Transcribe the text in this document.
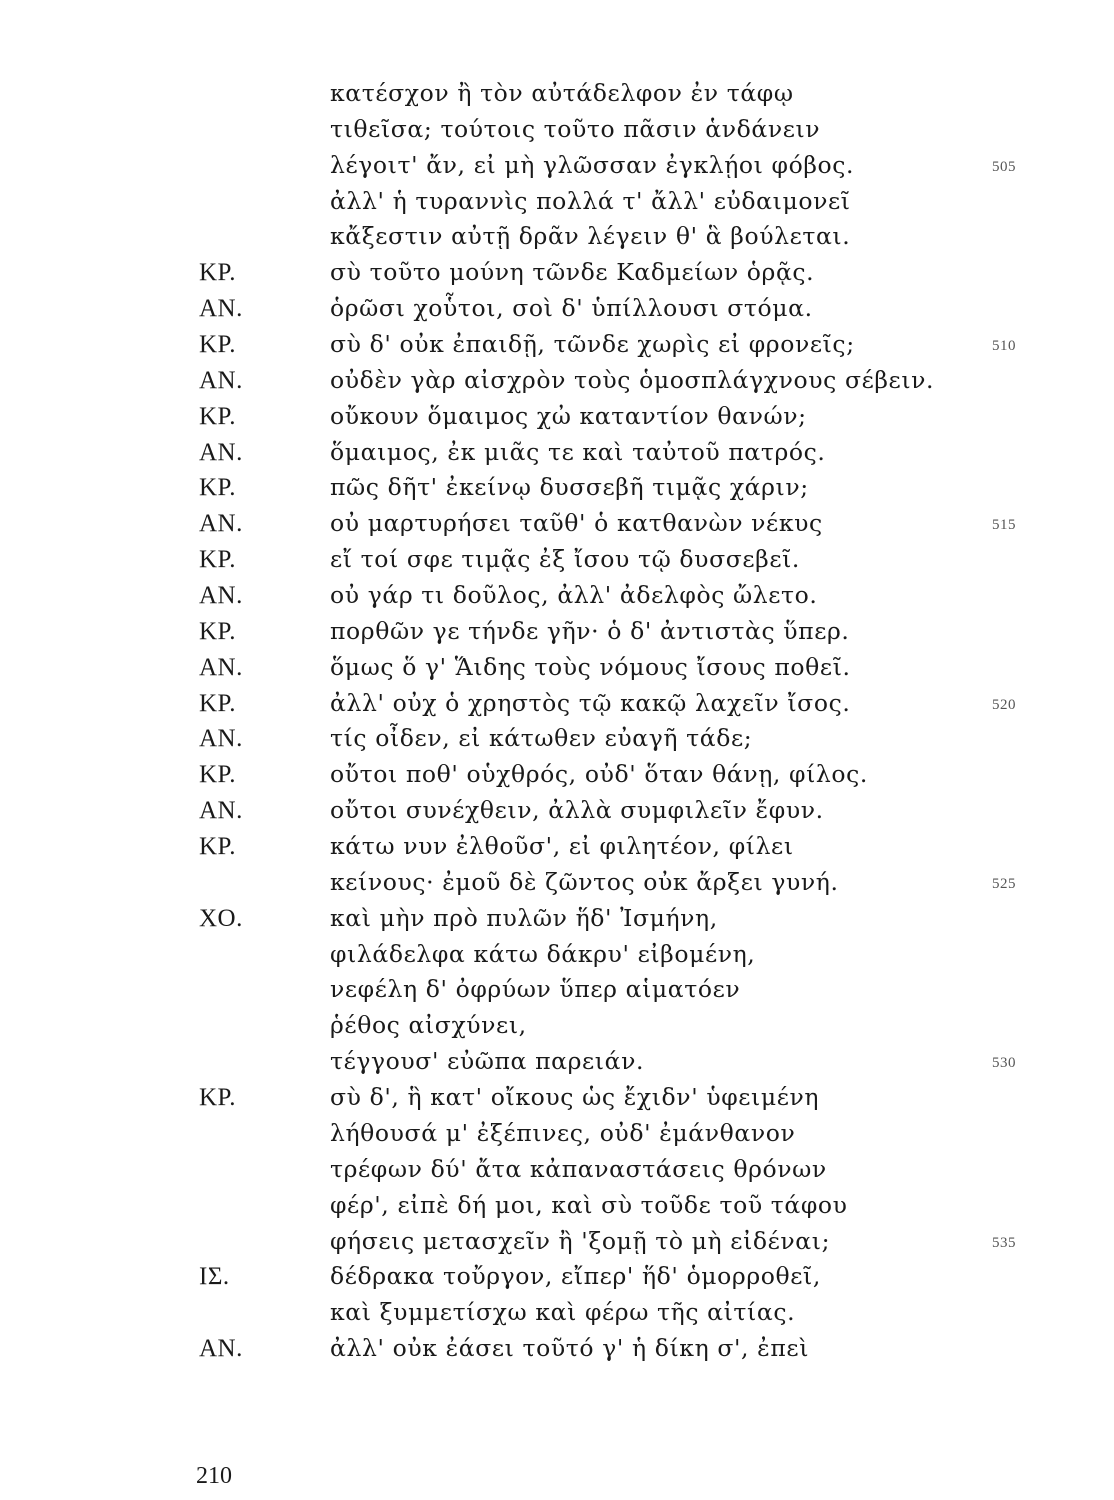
κατέσχον ἢ τὸν αὐτάδελφον ἐν τάφῳ
τιθεῖσα; τούτοις τοῦτο πᾶσιν ἁνδάνειν
λέγοιτ' ἄν, εἰ μὴ γλῶσσαν ἐγκλῄοι φόβος.	505
ἀλλ' ἡ τυραννὶς πολλά τ' ἄλλ' εὐδαιμονεῖ
κἄξεστιν αὐτῇ δρᾶν λέγειν θ' ἃ βούλεται.
ΚΡ.	σὺ τοῦτο μούνη τῶνδε Καδμείων ὁρᾷς.
ΑΝ.	ὁρῶσι χοὗτοι, σοὶ δ' ὑπίλλουσι στόμα.
ΚΡ.	σὺ δ' οὐκ ἐπαιδῇ, τῶνδε χωρὶς εἰ φρονεῖς;	510
ΑΝ.	οὐδὲν γὰρ αἰσχρὸν τοὺς ὁμοσπλάγχνους σέβειν.
ΚΡ.	οὔκουν ὅμαιμος χὠ καταντίον θανών;
ΑΝ.	ὅμαιμος, ἐκ μιᾶς τε καὶ ταὐτοῦ πατρός.
ΚΡ.	πῶς δῆτ' ἐκείνῳ δυσσεβῆ τιμᾷς χάριν;
ΑΝ.	οὐ μαρτυρήσει ταῦθ' ὁ κατθανὼν νέκυς	515
ΚΡ.	εἴ τοί σφε τιμᾷς ἐξ ἴσου τῷ δυσσεβεῖ.
ΑΝ.	οὐ γάρ τι δοῦλος, ἀλλ' ἀδελφὸς ὤλετο.
ΚΡ.	πορθῶν γε τήνδε γῆν· ὁ δ' ἀντιστὰς ὕπερ.
ΑΝ.	ὅμως ὅ γ' Ἅιδης τοὺς νόμους ἴσους ποθεῖ.
ΚΡ.	ἀλλ' οὐχ ὁ χρηστὸς τῷ κακῷ λαχεῖν ἴσος.	520
ΑΝ.	τίς οἶδεν, εἰ κάτωθεν εὐαγῆ τάδε;
ΚΡ.	οὔτοι ποθ' οὑχθρός, οὐδ' ὅταν θάνῃ, φίλος.
ΑΝ.	οὔτοι συνέχθειν, ἀλλὰ συμφιλεῖν ἔφυν.
ΚΡ.	κάτω νυν ἐλθοῦσ', εἰ φιλητέον, φίλει
κείνους· ἐμοῦ δὲ ζῶντος οὐκ ἄρξει γυνή.	525
ΧΟ.	καὶ μὴν πρὸ πυλῶν ἥδ' Ἰσμήνη,
φιλάδελφα κάτω δάκρυ' εἰβομένη,
νεφέλη δ' ὀφρύων ὕπερ αἱματόεν
ῥέθος αἰσχύνει,
τέγγουσ' εὐῶπα παρειάν.	530
ΚΡ.	σὺ δ', ἣ κατ' οἴκους ὡς ἔχιδν' ὑφειμένη
λήθουσά μ' ἐξέπινες, οὐδ' ἐμάνθανον
τρέφων δύ' ἄτα κἀπαναστάσεις θρόνων
φέρ', εἰπὲ δή μοι, καὶ σὺ τοῦδε τοῦ τάφου
φήσεις μετασχεῖν ἢ 'ξομῇ τὸ μὴ εἰδέναι;	535
ΙΣ.	δέδρακα τοὔργον, εἴπερ' ἥδ' ὁμορροθεῖ,
καὶ ξυμμετίσχω καὶ φέρω τῆς αἰτίας.
ΑΝ.	ἀλλ' οὐκ ἐάσει τοῦτό γ' ἡ δίκη σ', ἐπεὶ
210
